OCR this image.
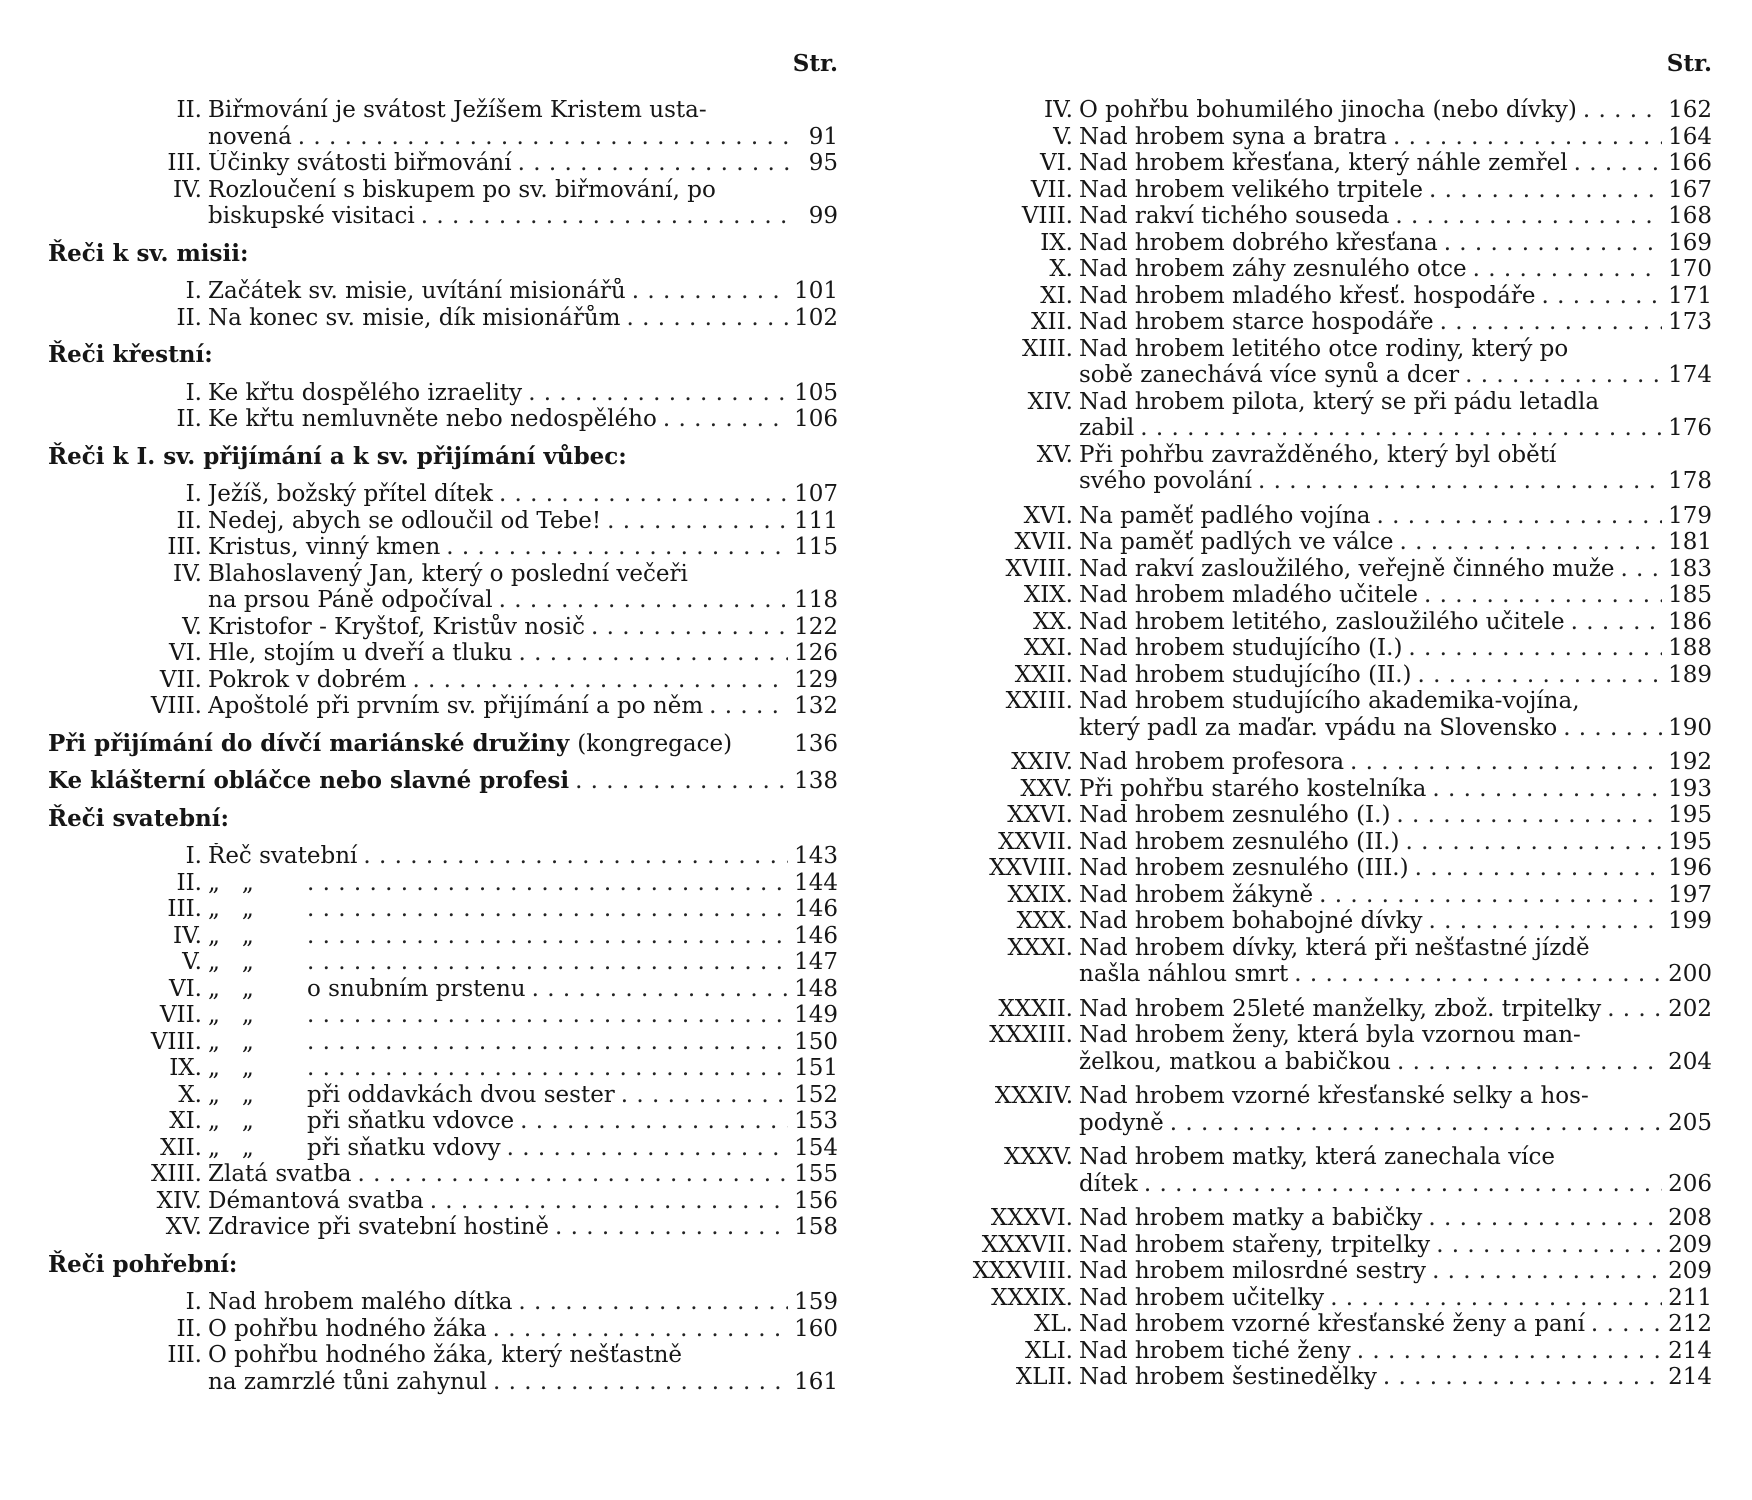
Str.
II. Biřmování je svátost Ježíšem Kristem usta-
novená . . .	91
III. Účinky svátosti biřmování . . .	95
IV. Rozloučení s biskupem po sv. biřmování, po
biskupské visitaci . . .	99
Řeči k sv. misii:
I. Začátek sv. misie, uvítání misionářů . . .	101
II. Na konec sv. misie, dík misionářům . . .	102
Řeči křestní:
I. Ke křtu dospělého izraelity . . .	105
II. Ke křtu nemluvněte nebo nedospělého . . .	106
Řeči k I. sv. přijímání a k sv. přijímání vůbec:
I. Ježíš, božský přítel dítek . . .	107
II. Nedej, abych se odloučil od Tebe! . . .	111
III. Kristus, vinný kmen . . .	115
IV. Blahoslavený Jan, který o poslední večeři
na prsou Páně odpočíval . . .	118
V. Kristofor - Kryštof, Kristův nosič . . .	122
VI. Hle, stojím u dveří a tluku . . .	126
VII. Pokrok v dobrém . . .	129
VIII. Apoštolé při prvním sv. přijímání a po něm . . .	132
Při přijímání do dívčí mariánské družiny (kongregace)	136
Ke klášterní obláčce nebo slavné profesi . . .	138
Řeči svatební:
I. Řeč svatební . . .	143
II. „   „ . . .	144
III. „   „ . . .	146
IV. „   „ . . .	146
V. „   „ . . .	147
VI. „   „	o snubním prstenu . . .	148
VII. „   „ . . .	149
VIII. „   „ . . .	150
IX. „   „ . . .	151
X. „   „	při oddavkách dvou sester . . .	152
XI. „   „	při sňatku vdovce . . .	153
XII. „   „	při sňatku vdovy . . .	154
XIII. Zlatá svatba . . .	155
XIV. Démantová svatba . . .	156
XV. Zdravice při svatební hostině . . .	158
Řeči pohřební:
I. Nad hrobem malého dítka . . .	159
II. O pohřbu hodného žáka . . .	160
III. O pohřbu hodného žáka, který nešťastně
na zamrzlé tůni zahynul . . .	161
Str.
IV. O pohřbu bohumilého jinocha (nebo dívky) . . .	162
V. Nad hrobem syna a bratra . . .	164
VI. Nad hrobem křesťana, který náhle zemřel . . .	166
VII. Nad hrobem velikého trpitele . . .	167
VIII. Nad rakví tichého souseda . . .	168
IX. Nad hrobem dobrého křesťana . . .	169
X. Nad hrobem záhy zesnulého otce . . .	170
XI. Nad hrobem mladého křesť. hospodáře . . .	171
XII. Nad hrobem starce hospodáře . . .	173
XIII. Nad hrobem letitého otce rodiny, který po
sobě zanechává více synů a dcer . . .	174
XIV. Nad hrobem pilota, který se při pádu letadla
zabil . . .	176
XV. Při pohřbu zavražděného, který byl obětí
svého povolání . . .	178
XVI. Na paměť padlého vojína . . .	179
XVII. Na paměť padlých ve válce . . .	181
XVIII. Nad rakví zasloužilého, veřejně činného muže . . . 183
XIX. Nad hrobem mladého učitele . . .	185
XX. Nad hrobem letitého, zasloužilého učitele . . .	186
XXI. Nad hrobem studujícího (I.) . . .	188
XXII. Nad hrobem studujícího (II.) . . .	189
XXIII. Nad hrobem studujícího akademika-vojína,
který padl za maďar. vpádu na Slovensko . . .	190
XXIV. Nad hrobem profesora . . .	192
XXV. Při pohřbu starého kostelníka . . .	193
XXVI. Nad hrobem zesnulého (I.) . . .	195
XXVII. Nad hrobem zesnulého (II.) . . .	195
XXVIII. Nad hrobem zesnulého (III.) . . .	196
XXIX. Nad hrobem žákyně . . .	197
XXX. Nad hrobem bohabojné dívky . . .	199
XXXI. Nad hrobem dívky, která při nešťastné jízdě
našla náhlou smrt . . .	200
XXXII. Nad hrobem 25leté manželky, zbož. trpitelky . . .	202
XXXIII. Nad hrobem ženy, která byla vzornou man-
želkou, matkou a babičkou . . .	204
XXXIV. Nad hrobem vzorné křesťanské selky a hos-
podyně . . .	205
XXXV. Nad hrobem matky, která zanechala více
dítek . . .	206
XXXVI. Nad hrobem matky a babičky . . .	208
XXXVII. Nad hrobem stařeny, trpitelky . . .	209
XXXVIII. Nad hrobem milosrdné sestry . . .	209
XXXIX. Nad hrobem učitelky . . .	211
XL. Nad hrobem vzorné křesťanské ženy a paní . . .	212
XLI. Nad hrobem tiché ženy . . .	214
XLII. Nad hrobem šestinedělky . . .	214
